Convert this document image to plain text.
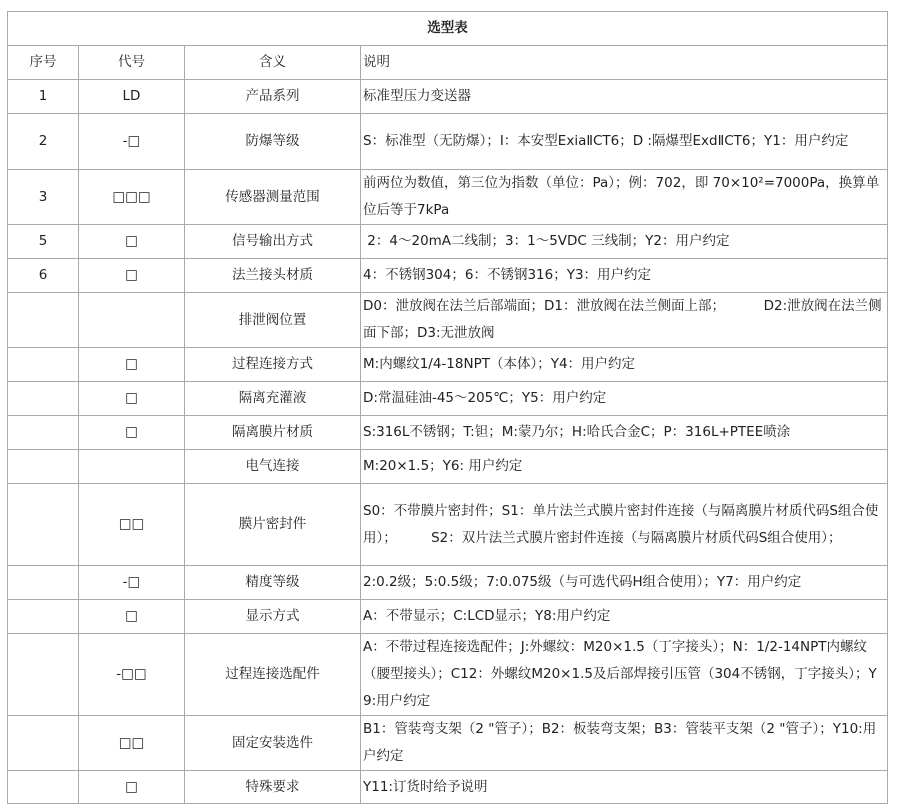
选型表			
序号	代号	含义	说明
1	LD	产品系列	标准型压力变送器
2	-□	防爆等级	S：标准型（无防爆）；I：本安型ExiaⅡCT6；D :隔爆型ExdⅡCT6；Y1：用户约定
3	□□□	传感器测量范围	前两位为数值，第三位为指数（单位：Pa）；例：702，即 70×10²=7000Pa，换算单位后等于7kPa
5	□	信号输出方式	2：4～20mA二线制；3：1～5VDC 三线制；Y2：用户约定
6	□	法兰接头材质	4：不锈钢304；6：不锈钢316；Y3：用户约定
		排泄阀位置	D0：泄放阀在法兰后部端面；D1：泄放阀在法兰侧面上部；         D2:泄放阀在法兰侧面下部；D3:无泄放阀
	□	过程连接方式	M:内螺纹1/4-18NPT（本体）；Y4：用户约定
	□	隔离充灌液	D:常温硅油-45～205℃；Y5：用户约定
	□	隔离膜片材质	S:316L不锈钢；T:钽；M:蒙乃尔；H:哈氏合金C；P：316L+PTEE喷涂
		电气连接	M:20×1.5；Y6: 用户约定
	□□	膜片密封件	S0：不带膜片密封件；S1：单片法兰式膜片密封件连接（与隔离膜片材质代码S组合使用）；        S2：双片法兰式膜片密封件连接（与隔离膜片材质代码S组合使用）；
	-□	精度等级	2:0.2级；5:0.5级；7:0.075级（与可选代码H组合使用）；Y7：用户约定
	□	显示方式	A：不带显示；C:LCD显示；Y8:用户约定
	-□□	过程连接选配件	A：不带过程连接选配件；J:外螺纹：M20×1.5（丁字接头）；N：1/2-14NPT内螺纹（腰型接头）；C12：外螺纹M20×1.5及后部焊接引压管（304不锈钢，丁字接头）；Y9:用户约定
	□□	固定安装选件	B1：管装弯支架（2 "管子）；B2：板装弯支架；B3：管装平支架（2 "管子）；Y10:用户约定
	□	特殊要求	Y11:订货时给予说明
